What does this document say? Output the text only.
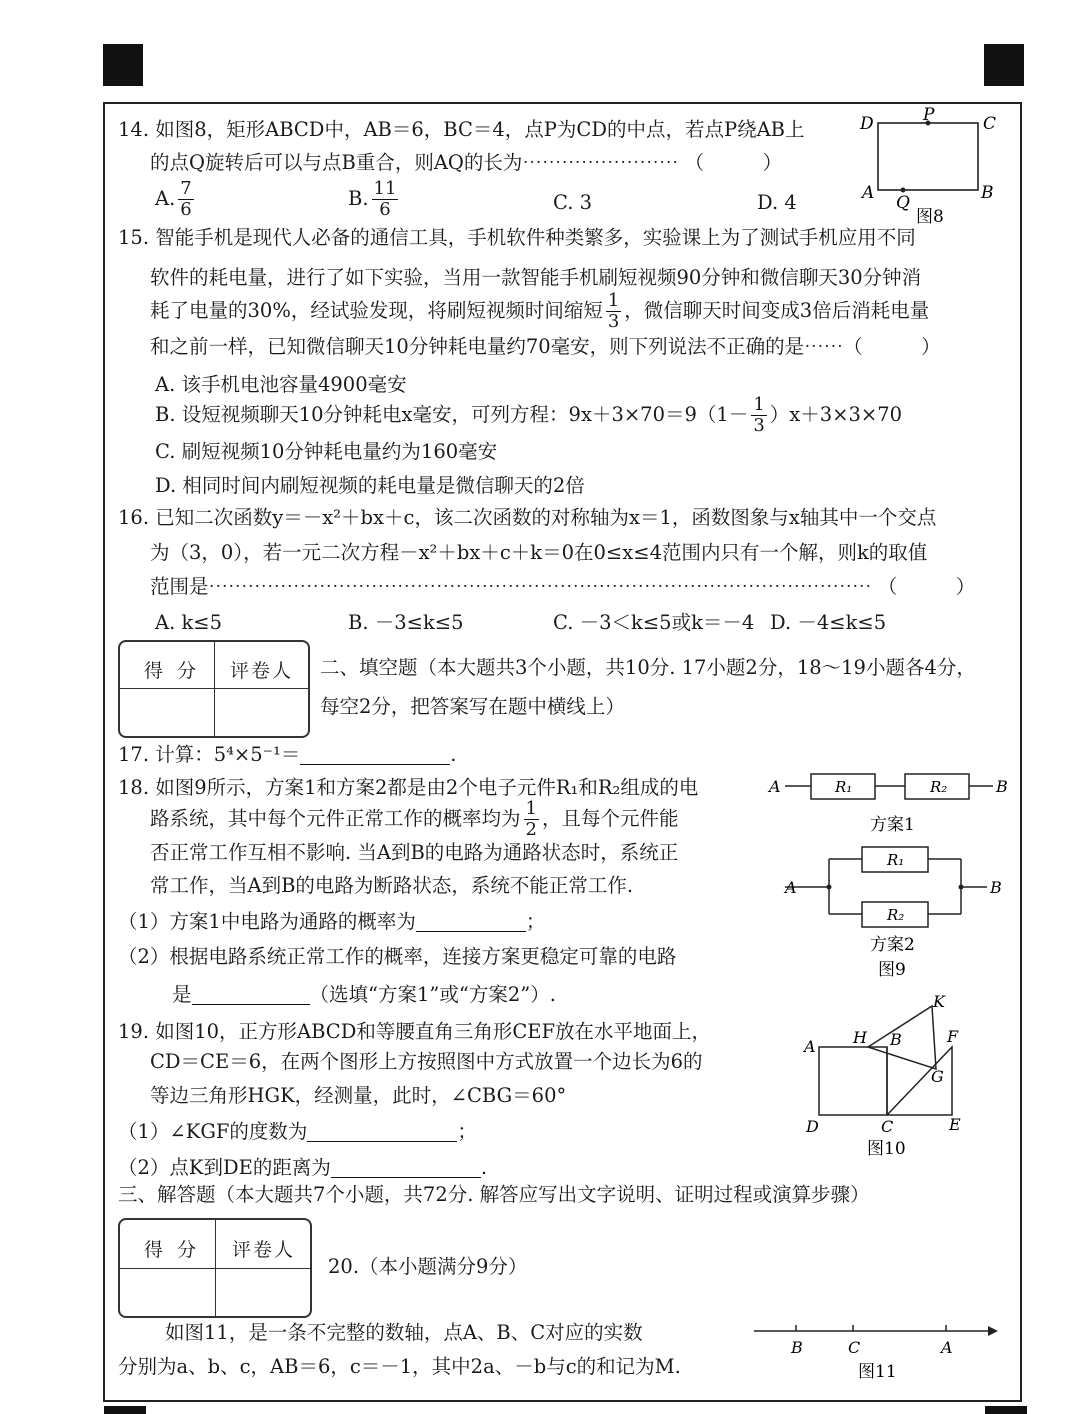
14. 如图8，矩形ABCD中，AB＝6，BC＝4，点P为CD的中点，若点P绕AB上
的点Q旋转后可以与点B重合，则AQ的长为⋯⋯⋯⋯⋯⋯⋯⋯ （　　　）
A. $\frac{7}{6}$	B. $\frac{11}{6}$	C. 3	D. 4
D	P	C
A Q	B
图8
15. 智能手机是现代人必备的通信工具，手机软件种类繁多，实验课上为了测试手机应用不同
软件的耗电量，进行了如下实验，当用一款智能手机刷短视频90分钟和微信聊天30分钟消
耗了电量的30%，经试验发现，将刷短视频时间缩短 $\frac{1}{3}$ ，微信聊天时间变成3倍后消耗电量
和之前一样，已知微信聊天10分钟耗电量约70毫安，则下列说法不正确的是⋯⋯（　　　）
A. 该手机电池容量4900毫安
B. 设短视频聊天10分钟耗电x毫安，可列方程：$9x+3\times 70=9(1- \frac{1}{3} )x+3\times 3\times 70$
C. 刷短视频10分钟耗电量约为160毫安
D. 相同时间内刷短视频的耗电量是微信聊天的2倍
16. 已知二次函数y＝－x²＋bx＋c，该二次函数的对称轴为x＝1，函数图象与x轴其中一个交点
为（3，0），若一元二次方程－x²＋bx＋c＋k＝0在0≤x≤4范围内只有一个解，则k的取值
范围是⋯⋯⋯⋯⋯⋯⋯⋯⋯⋯⋯⋯⋯⋯⋯⋯⋯⋯⋯⋯⋯⋯⋯⋯⋯⋯⋯⋯⋯⋯⋯⋯⋯⋯ （　　　）
A. k≤5	B. －3≤k≤5	C. －3＜k≤5或k＝－4 D. －4≤k≤5
得 分 评卷人 二、填空题（本大题共3个小题，共10分. 17小题2分，18～19小题各4分，
每空2分，把答案写在题中横线上）
17. 计算：5⁴×5⁻¹＝	.
18. 如图9所示，方案1和方案2都是由2个电子元件R₁和R₂组成的电
路系统，其中每个元件正常工作的概率均为 $\frac{1}{2}$ ，且每个元件能
否正常工作互相不影响. 当A到B的电路为通路状态时，系统正
常工作，当A到B的电路为断路状态，系统不能正常工作.
（1）方案1中电路为通路的概率为	；
（2）根据电路系统正常工作的概率，连接方案更稳定可靠的电路
是	（选填“方案1”或“方案2”）.
A	B
R₁	R₂
方案1
A	B
R₁
R₂
方案2
图9
19. 如图10，正方形ABCD和等腰直角三角形CEF放在水平地面上，
CD＝CE＝6，在两个图形上方按照图中方式放置一个边长为6的
等边三角形HGK，经测量，此时，∠CBG＝60°
（1）∠KGF的度数为	；
（2）点K到DE的距离为	.
K
H B
A
F
G
D	C	E
图10
三、解答题（本大题共7个小题，共72分. 解答应写出文字说明、证明过程或演算步骤）
得 分 评卷人
20.（本小题满分9分）
如图11，是一条不完整的数轴，点A、B、C对应的实数
分别为a、b、c，AB＝6，c＝－1，其中2a、－b与c的和记为M.
B	C	A
图11
